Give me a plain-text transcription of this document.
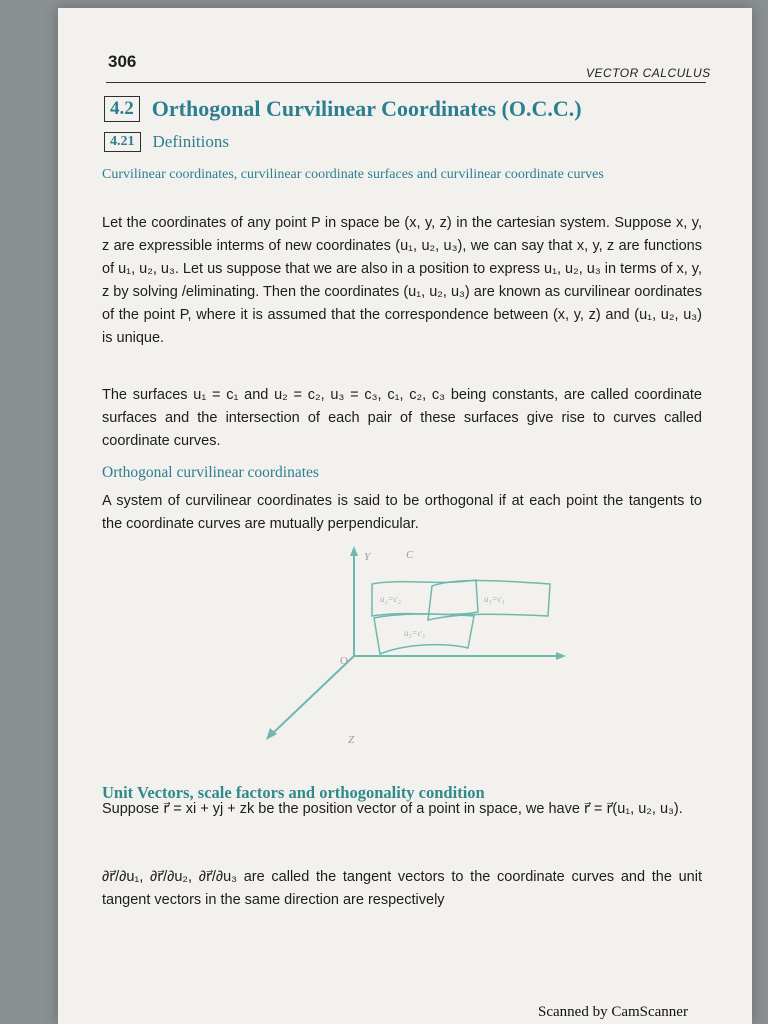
306
VECTOR CALCULUS
4.2 Orthogonal Curvilinear Coordinates (O.C.C.)
4.21	Definitions
Curvilinear coordinates, curvilinear coordinate surfaces and curvilinear coordinate curves
Let the coordinates of any point P in space be (x, y, z) in the cartesian system. Suppose x, y, z are expressible interms of new coordinates (u₁, u₂, u₃), we can say that x, y, z are functions of u₁, u₂, u₃. Let us suppose that we are also in a position to express u₁, u₂, u₃ in terms of x, y, z by solving /eliminating. Then the coordinates (u₁, u₂, u₃) are known as curvilinear oordinates of the point P, where it is assumed that the correspondence between (x, y, z) and (u₁, u₂, u₃) is unique.
The surfaces u₁ = c₁ and u₂ = c₂, u₃ = c₃, c₁, c₂, c₃ being constants, are called coordinate surfaces and the intersection of each pair of these surfaces give rise to curves called coordinate curves.
Orthogonal curvilinear coordinates
A system of curvilinear coordinates is said to be orthogonal if at each point the tangents to the coordinate curves are mutually perpendicular.
Y	C
O
Z
u₂=c₂	u₁=c₁
u₃=c₃
Unit Vectors, scale factors and orthogonality condition
Suppose r⃗ = xi + yj + zk be the position vector of a point in space, we have r⃗ = r⃗(u₁, u₂, u₃).
∂r⃗/∂u₁, ∂r⃗/∂u₂, ∂r⃗/∂u₃ are called the tangent vectors to the coordinate curves and the unit tangent vectors in the same direction are respectively
Scanned by CamScanner
